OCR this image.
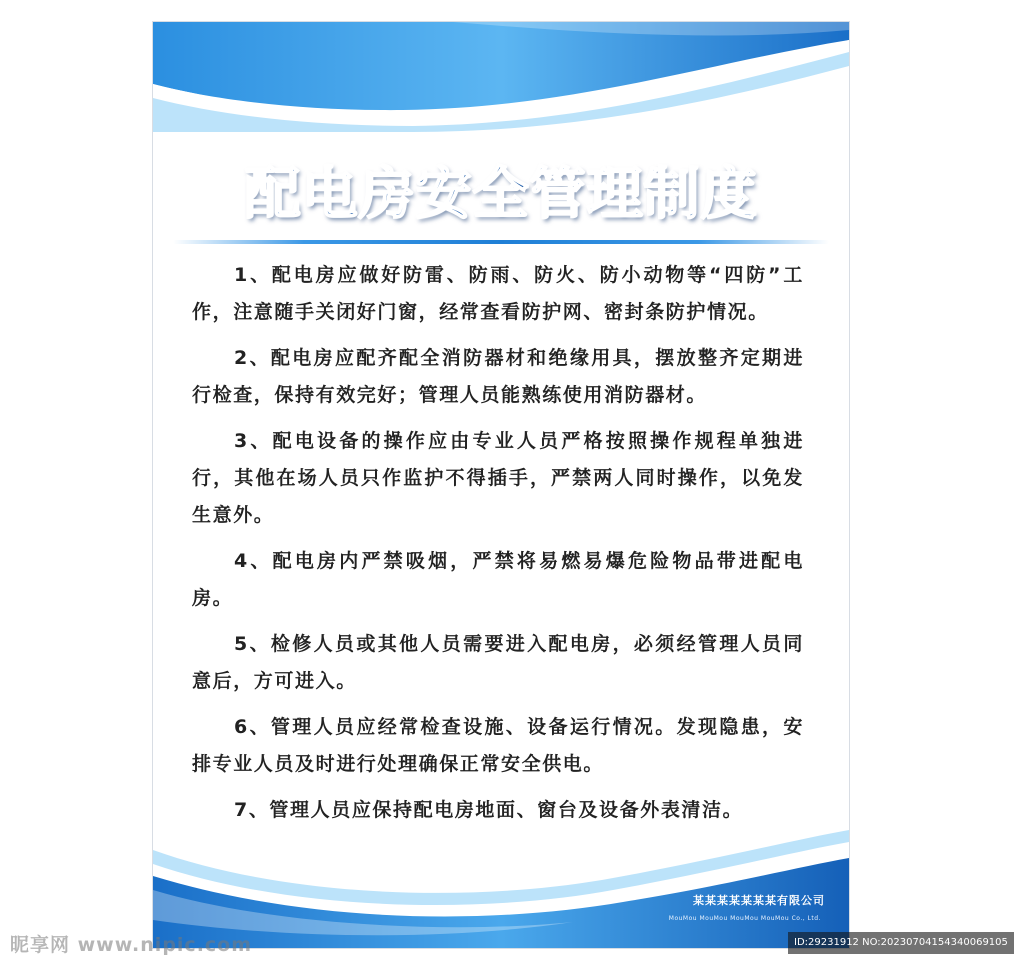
配电房安全管理制度

1、配电房应做好防雷、防雨、防火、防小动物等“四防”工作，注意随手关闭好门窗，经常查看防护网、密封条防护情况。

2、配电房应配齐配全消防器材和绝缘用具，摆放整齐定期进行检查，保持有效完好；管理人员能熟练使用消防器材。

3、配电设备的操作应由专业人员严格按照操作规程单独进行，其他在场人员只作监护不得插手，严禁两人同时操作，以免发生意外。

4、配电房内严禁吸烟，严禁将易燃易爆危险物品带进配电房。

5、检修人员或其他人员需要进入配电房，必须经管理人员同意后，方可进入。

6、管理人员应经常检查设施、设备运行情况。发现隐患，安排专业人员及时进行处理确保正常安全供电。

7、管理人员应保持配电房地面、窗台及设备外表清洁。

某某某某某某某有限公司
MouMou MouMou MouMou MouMou Co., Ltd.
昵享网 www.nipic.com	ID:29231912 NO:20230704154340069105
